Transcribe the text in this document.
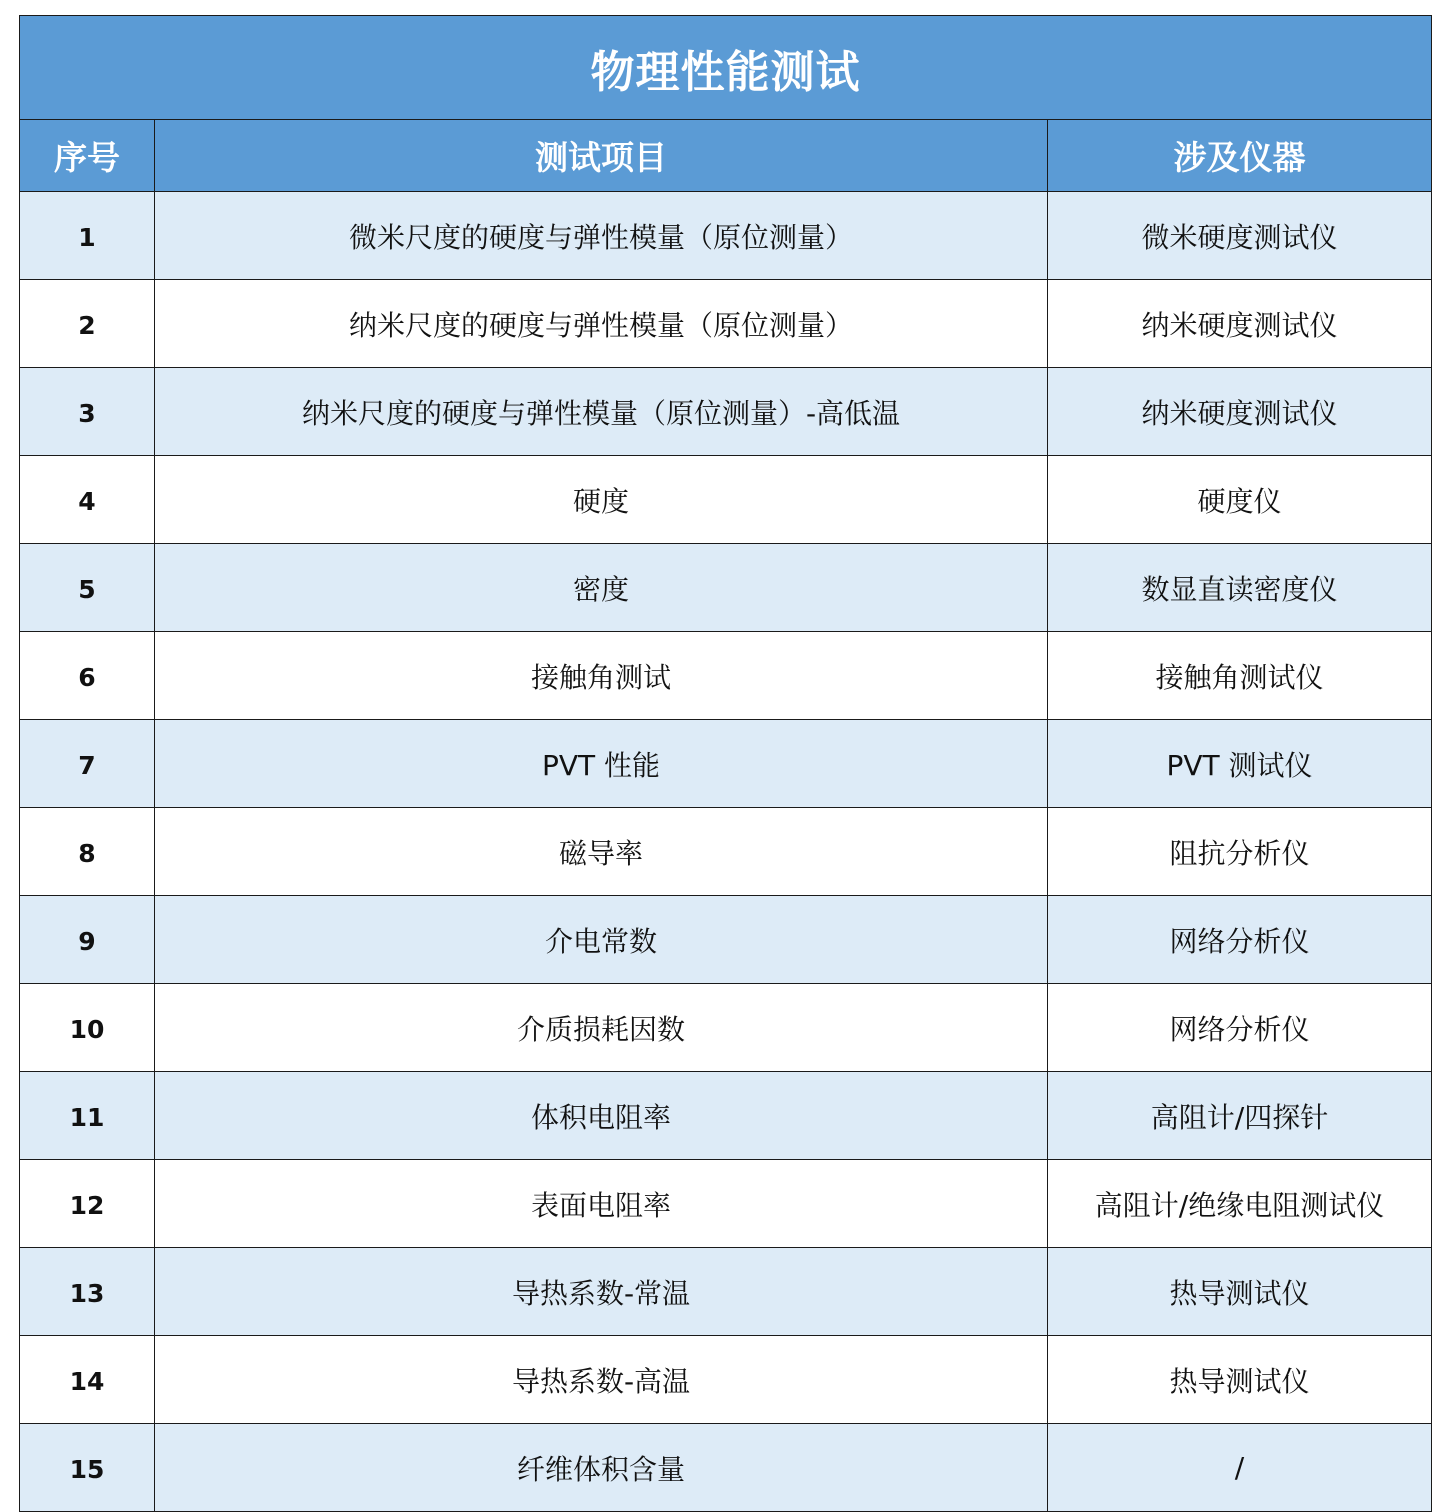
物理性能测试		
序号	测试项目	涉及仪器
1	微米尺度的硬度与弹性模量（原位测量）	微米硬度测试仪
2	纳米尺度的硬度与弹性模量（原位测量）	纳米硬度测试仪
3	纳米尺度的硬度与弹性模量（原位测量）-高低温	纳米硬度测试仪
4	硬度	硬度仪
5	密度	数显直读密度仪
6	接触角测试	接触角测试仪
7	PVT 性能	PVT 测试仪
8	磁导率	阻抗分析仪
9	介电常数	网络分析仪
10	介质损耗因数	网络分析仪
11	体积电阻率	高阻计/四探针
12	表面电阻率	高阻计/绝缘电阻测试仪
13	导热系数-常温	热导测试仪
14	导热系数-高温	热导测试仪
15	纤维体积含量	/
